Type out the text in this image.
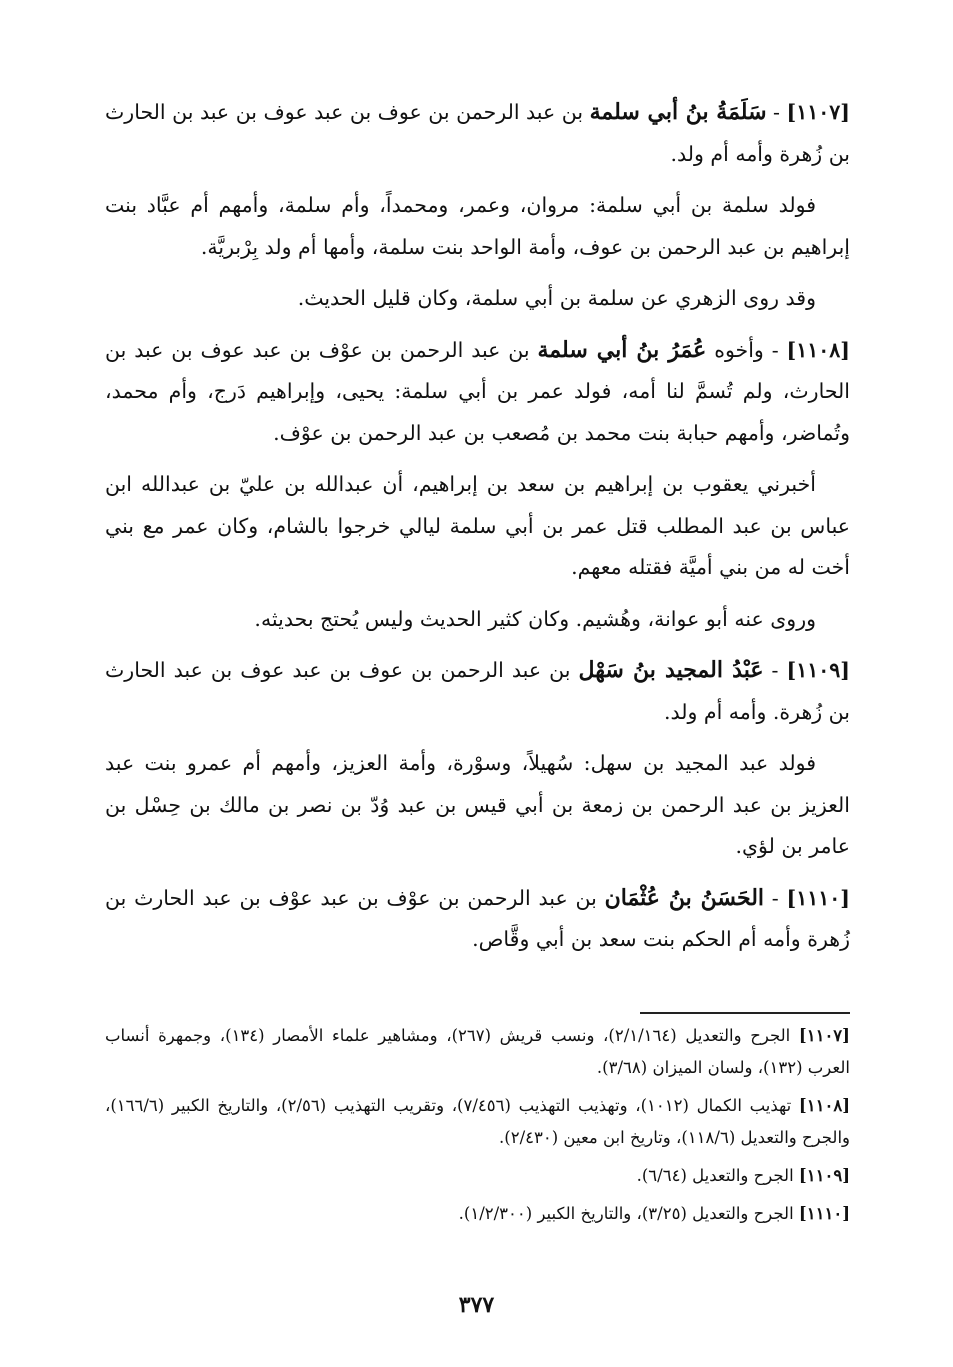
[١١٠٧] - سَلَمَةُ بنُ أبي سلمة بن عبد الرحمن بن عوف بن عبد عوف بن عبد بن الحارث بن زُهرة وأمه أم ولد.

فولد سلمة بن أبي سلمة: مروان، وعمر، ومحمداً، وأم سلمة، وأمهم أم عبَّاد بنت إبراهيم بن عبد الرحمن بن عوف، وأمة الواحد بنت سلمة، وأمها أم ولد بِرْبريَّة.

وقد روى الزهري عن سلمة بن أبي سلمة، وكان قليل الحديث.

[١١٠٨] - وأخوه عُمَرُ بنُ أبي سلمة بن عبد الرحمن بن عوْف بن عبد عوف بن عبد بن الحارث، ولم تُسمَّ لنا أمه، فولد عمر بن أبي سلمة: يحيى، وإبراهيم دَرج، وأم محمد، وتُماضر، وأمهم حبابة بنت محمد بن مُصعب بن عبد الرحمن بن عوْف.

أخبرني يعقوب بن إبراهيم بن سعد بن إبراهيم، أن عبدالله بن عليّ بن عبدالله ابن عباس بن عبد المطلب قتل عمر بن أبي سلمة ليالي خرجوا بالشام، وكان عمر مع بني أخت له من بني أميَّة فقتله معهم.

وروى عنه أبو عوانة، وهُشيم. وكان كثير الحديث وليس يُحتج بحديثه.

[١١٠٩] - عَبْدُ المجيد بنُ سَهْل بن عبد الرحمن بن عوف بن عبد عوف بن عبد الحارث بن زُهرة. وأمه أم ولد.

فولد عبد المجيد بن سهل: سُهيلاً، وسوْرة، وأمة العزيز، وأمهم أم عمرو بنت عبد العزيز بن عبد الرحمن بن زمعة بن أبي قيس بن عبد وُدّ بن نصر بن مالك بن حِسْل بن عامر بن لؤي.

[١١١٠] - الحَسَنُ بنُ عُثْمَان بن عبد الرحمن بن عوْف بن عبد عوْف بن عبد الحارث بن زُهرة وأمه أم الحكم بنت سعد بن أبي وقَّاص.

[١١٠٧] الجرح والتعديل (٢/١/١٦٤)، ونسب قريش (٢٦٧)، ومشاهير علماء الأمصار (١٣٤)، وجمهرة أنساب العرب (١٣٢)، ولسان الميزان (٣/٦٨).

[١١٠٨] تهذيب الكمال (١٠١٢)، وتهذيب التهذيب (٧/٤٥٦)، وتقريب التهذيب (٢/٥٦)، والتاريخ الكبير (١٦٦/٦)، والجرح والتعديل (١١٨/٦)، وتاريخ ابن معين (٢/٤٣٠).

[١١٠٩] الجرح والتعديل (٦/٦٤).

[١١١٠] الجرح والتعديل (٣/٢٥)، والتاريخ الكبير (١/٢/٣٠٠).

٣٧٧
